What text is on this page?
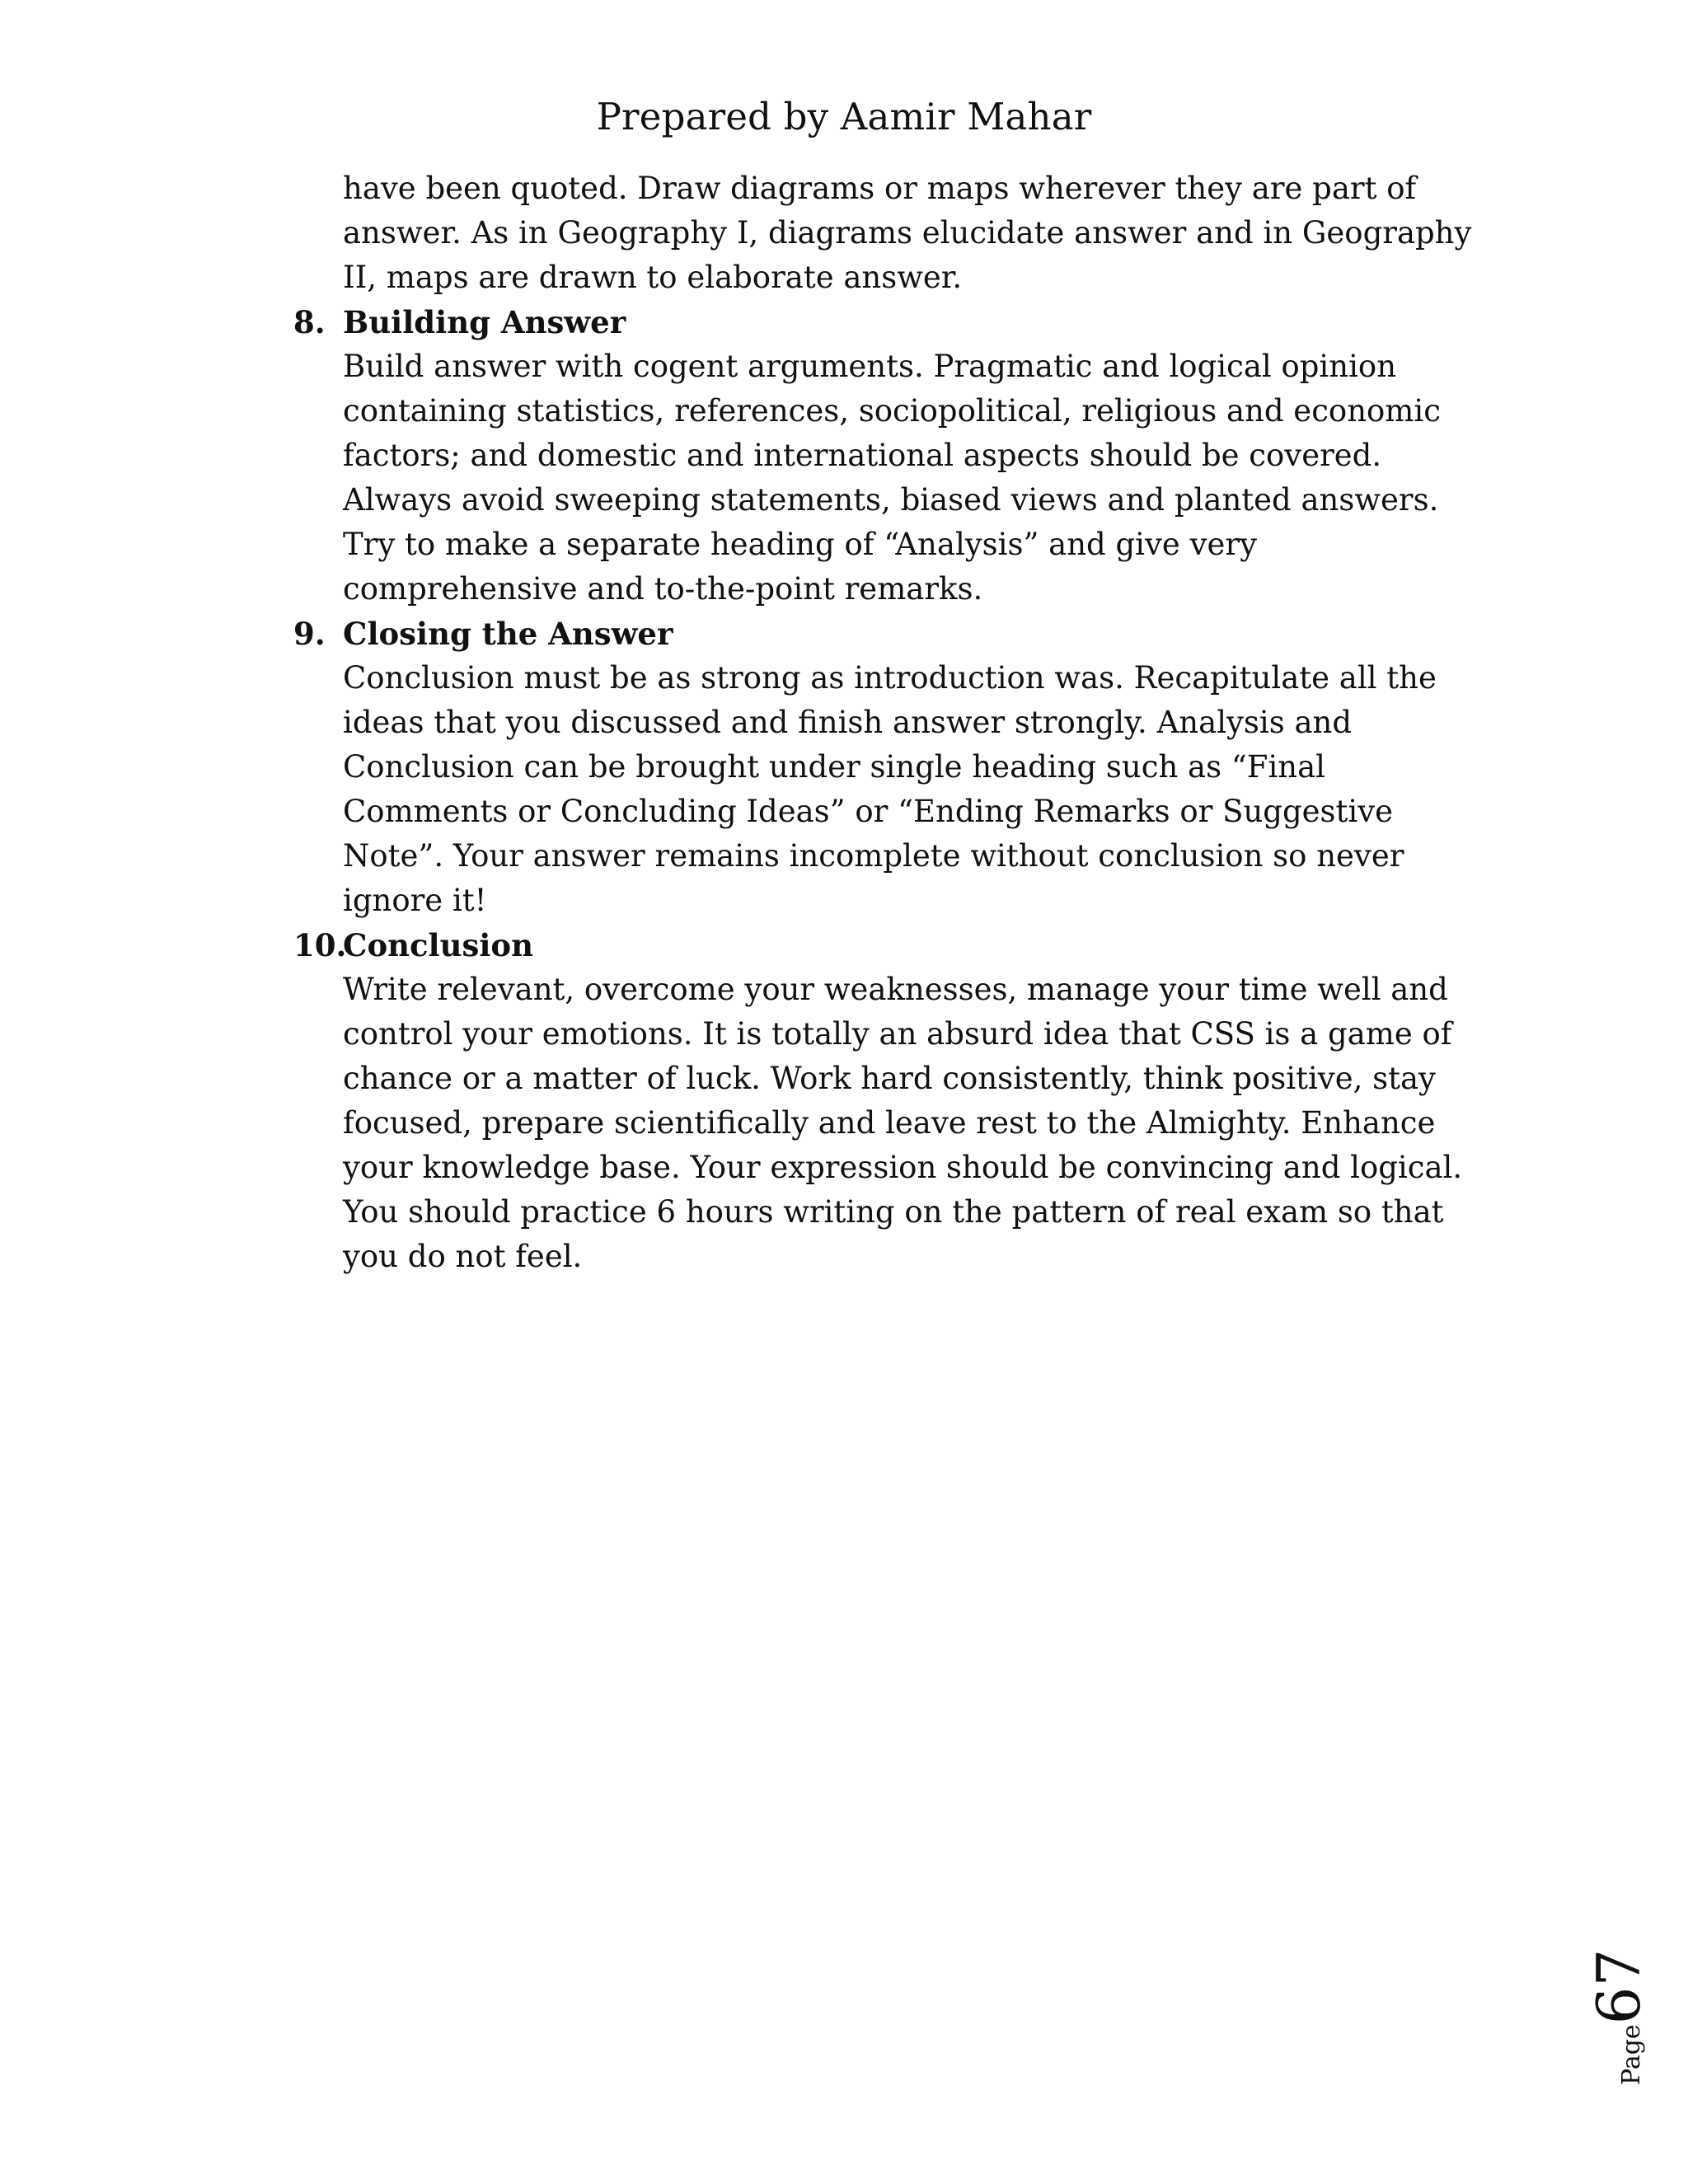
Prepared by Aamir Mahar

have been quoted. Draw diagrams or maps wherever they are part of answer. As in Geography I, diagrams elucidate answer and in Geography II, maps are drawn to elaborate answer.

8. Building Answer

Build answer with cogent arguments. Pragmatic and logical opinion containing statistics, references, sociopolitical, religious and economic factors; and domestic and international aspects should be covered. Always avoid sweeping statements, biased views and planted answers. Try to make a separate heading of “Analysis” and give very comprehensive and to-the-point remarks.

9. Closing the Answer

Conclusion must be as strong as introduction was. Recapitulate all the ideas that you discussed and finish answer strongly. Analysis and Conclusion can be brought under single heading such as “Final Comments or Concluding Ideas” or “Ending Remarks or Suggestive Note”. Your answer remains incomplete without conclusion so never ignore it!

10.
Conclusion

Write relevant, overcome your weaknesses, manage your time well and control your emotions. It is totally an absurd idea that CSS is a game of chance or a matter of luck. Work hard consistently, think positive, stay focused, prepare scientifically and leave rest to the Almighty. Enhance your knowledge base. Your expression should be convincing and logical. You should practice 6 hours writing on the pattern of real exam so that you do not feel.

Page67
